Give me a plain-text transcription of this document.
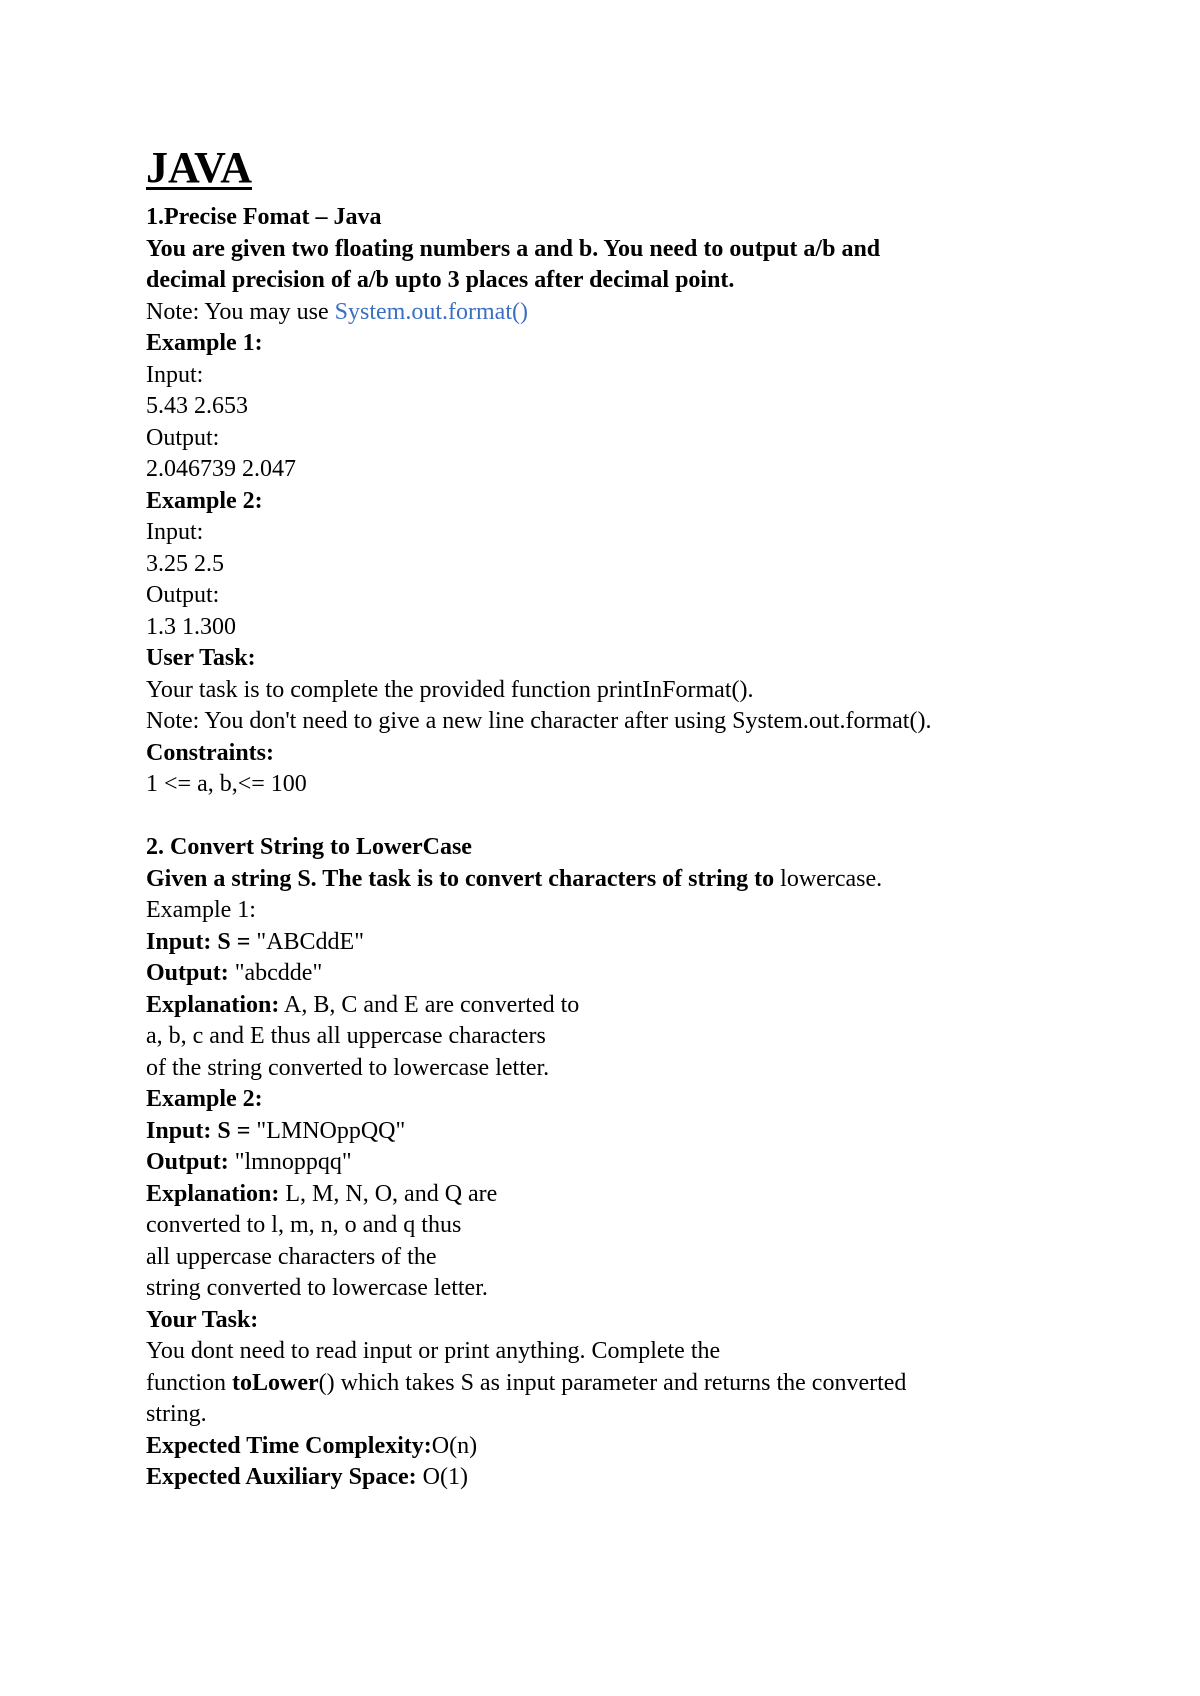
JAVA
1.Precise Fomat – Java
You are given two floating numbers a and b. You need to output a/b and
decimal precision of a/b upto 3 places after decimal point.
Note: You may use System.out.format()
Example 1:
Input:
5.43 2.653
Output:
2.046739 2.047
Example 2:
Input:
3.25 2.5
Output:
1.3 1.300
User Task:
Your task is to complete the provided function printInFormat().
Note: You don't need to give a new line character after using System.out.format().
Constraints:
1 <= a, b,<= 100
2. Convert String to LowerCase
Given a string S. The task is to convert characters of string to lowercase.
Example 1:
Input: S = "ABCddE"
Output: "abcdde"
Explanation: A, B, C and E are converted to
a, b, c and E thus all uppercase characters
of the string converted to lowercase letter.
Example 2:
Input: S = "LMNOppQQ"
Output: "lmnoppqq"
Explanation: L, M, N, O, and Q are
converted to l, m, n, o and q thus
all uppercase characters of the
string converted to lowercase letter.
Your Task:
You dont need to read input or print anything. Complete the
function toLower() which takes S as input parameter and returns the converted
string.
Expected Time Complexity:O(n)
Expected Auxiliary Space: O(1)
